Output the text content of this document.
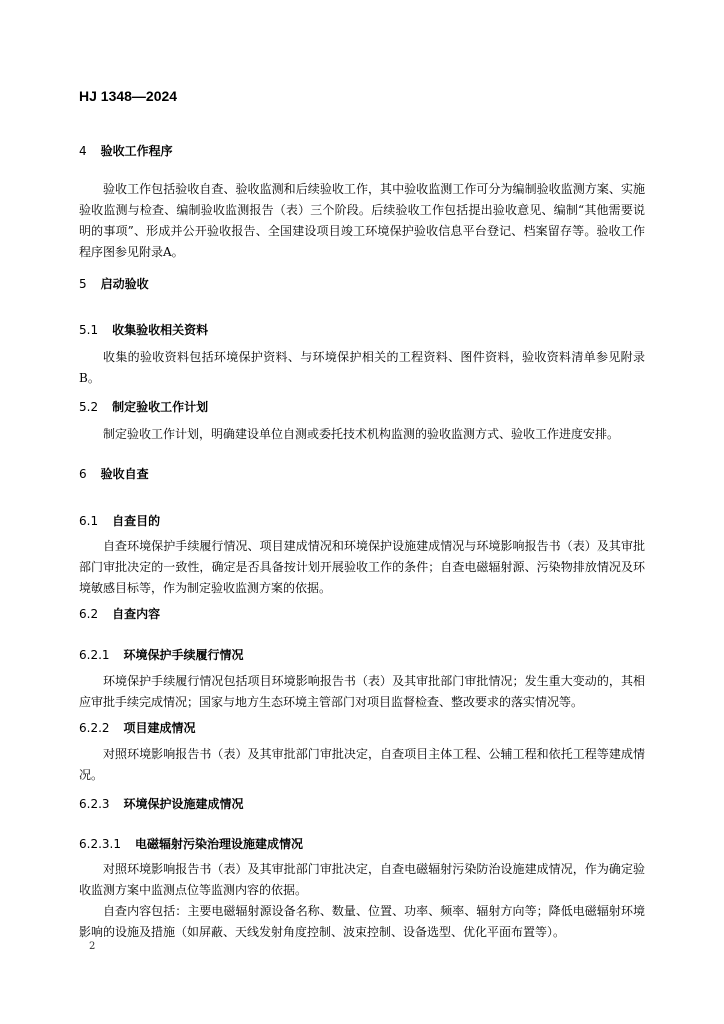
HJ 1348—2024
4 验收工作程序
验收工作包括验收自查、验收监测和后续验收工作，其中验收监测工作可分为编制验收监测方案、实施验收监测与检查、编制验收监测报告（表）三个阶段。后续验收工作包括提出验收意见、编制“其他需要说明的事项”、形成并公开验收报告、全国建设项目竣工环境保护验收信息平台登记、档案留存等。验收工作程序图参见附录A。
5 启动验收
5.1 收集验收相关资料
收集的验收资料包括环境保护资料、与环境保护相关的工程资料、图件资料，验收资料清单参见附录B。
5.2 制定验收工作计划
制定验收工作计划，明确建设单位自测或委托技术机构监测的验收监测方式、验收工作进度安排。
6 验收自查
6.1 自查目的
自查环境保护手续履行情况、项目建成情况和环境保护设施建成情况与环境影响报告书（表）及其审批部门审批决定的一致性，确定是否具备按计划开展验收工作的条件；自查电磁辐射源、污染物排放情况及环境敏感目标等，作为制定验收监测方案的依据。
6.2 自查内容
6.2.1 环境保护手续履行情况
环境保护手续履行情况包括项目环境影响报告书（表）及其审批部门审批情况；发生重大变动的，其相应审批手续完成情况；国家与地方生态环境主管部门对项目监督检查、整改要求的落实情况等。
6.2.2 项目建成情况
对照环境影响报告书（表）及其审批部门审批决定，自查项目主体工程、公辅工程和依托工程等建成情况。
6.2.3 环境保护设施建成情况
6.2.3.1 电磁辐射污染治理设施建成情况
对照环境影响报告书（表）及其审批部门审批决定，自查电磁辐射污染防治设施建成情况，作为确定验收监测方案中监测点位等监测内容的依据。
自查内容包括：主要电磁辐射源设备名称、数量、位置、功率、频率、辐射方向等；降低电磁辐射环境影响的设施及措施（如屏蔽、天线发射角度控制、波束控制、设备选型、优化平面布置等）。
2
